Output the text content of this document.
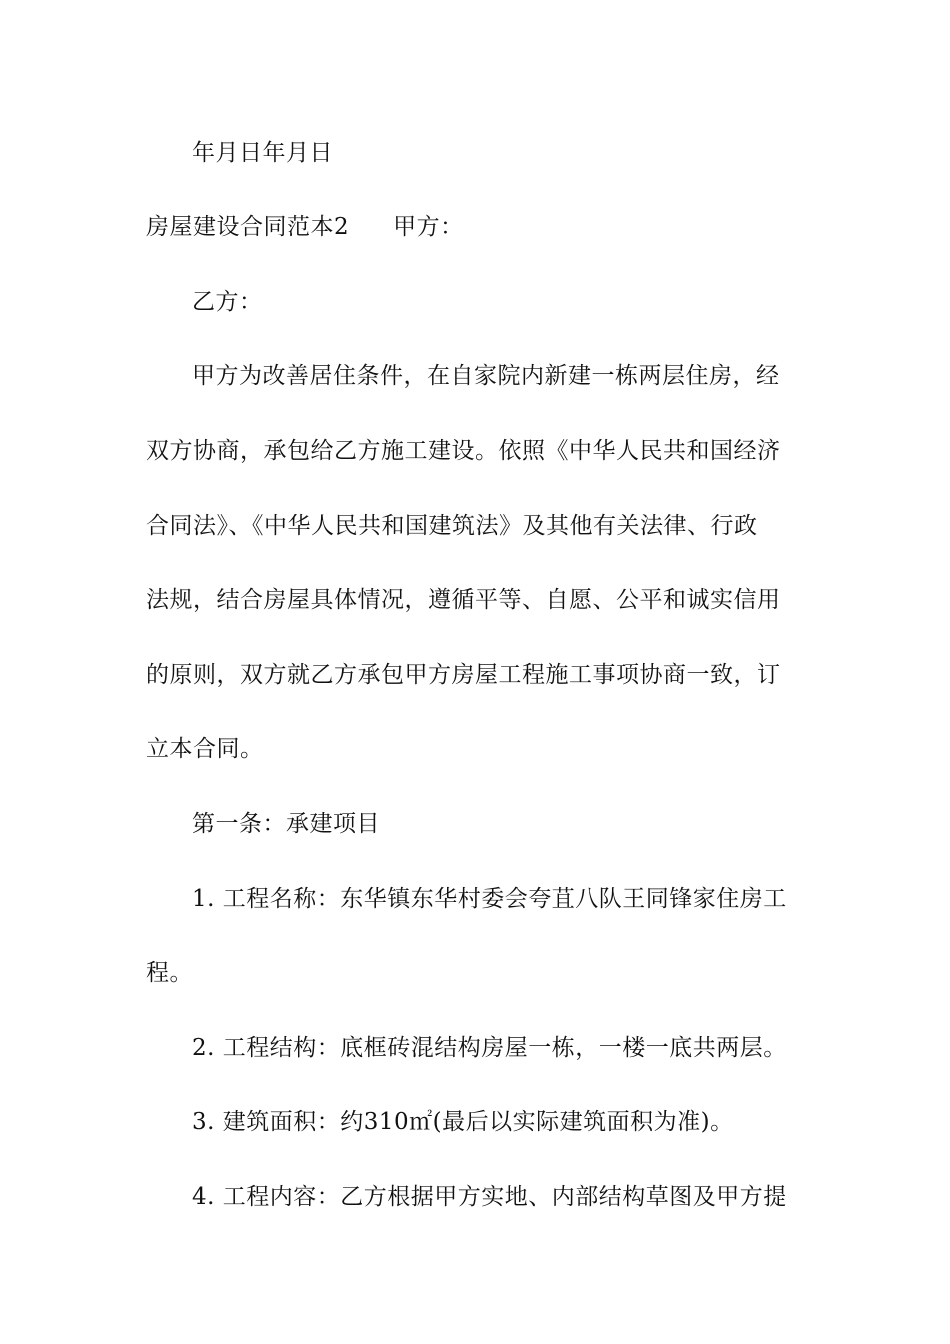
年月日年月日
房屋建设合同范本2 甲方：
乙方：
甲方为改善居住条件，在自家院内新建一栋两层住房，经
双方协商，承包给乙方施工建设。依照《中华人民共和国经济
合同法》、《中华人民共和国建筑法》及其他有关法律、行政
法规，结合房屋具体情况，遵循平等、自愿、公平和诚实信用
的原则，双方就乙方承包甲方房屋工程施工事项协商一致，订
立本合同。
第一条：承建项目
1. 工程名称：东华镇东华村委会夸苴八队王同锋家住房工
程。
2. 工程结构：底框砖混结构房屋一栋，一楼一底共两层。
3. 建筑面积：约310㎡(最后以实际建筑面积为准)。
4. 工程内容：乙方根据甲方实地、内部结构草图及甲方提
